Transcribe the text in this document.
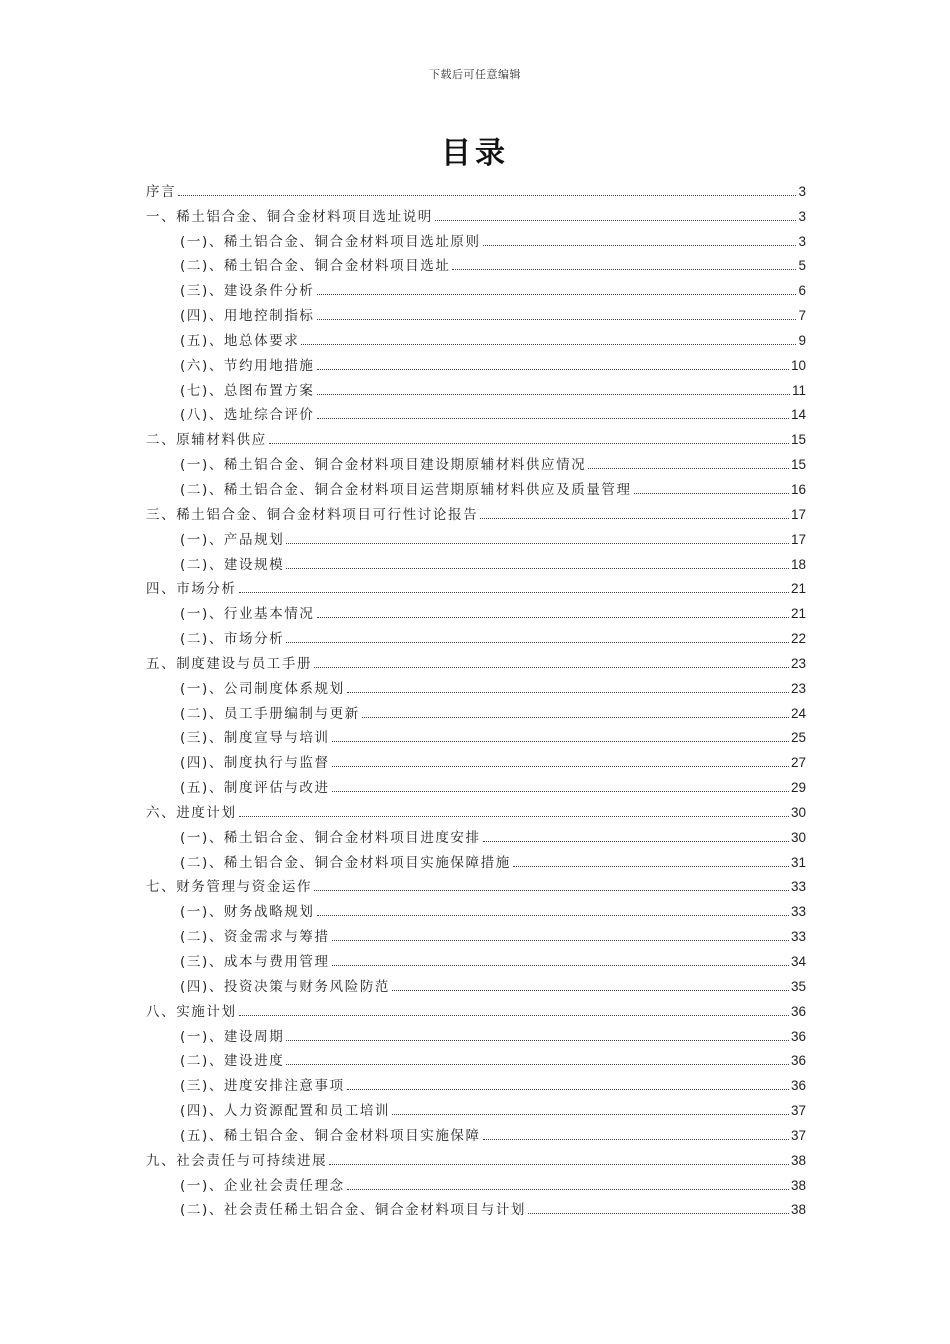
下载后可任意编辑
目录
序言	3
一、稀土铝合金、铜合金材料项目选址说明	3
(一)、稀土铝合金、铜合金材料项目选址原则	3
(二)、稀土铝合金、铜合金材料项目选址	5
(三)、建设条件分析	6
(四)、用地控制指标	7
(五)、地总体要求	9
(六)、节约用地措施	10
(七)、总图布置方案	11
(八)、选址综合评价	14
二、原辅材料供应	15
(一)、稀土铝合金、铜合金材料项目建设期原辅材料供应情况	15
(二)、稀土铝合金、铜合金材料项目运营期原辅材料供应及质量管理	16
三、稀土铝合金、铜合金材料项目可行性讨论报告	17
(一)、产品规划	17
(二)、建设规模	18
四、市场分析	21
(一)、行业基本情况	21
(二)、市场分析	22
五、制度建设与员工手册	23
(一)、公司制度体系规划	23
(二)、员工手册编制与更新	24
(三)、制度宣导与培训	25
(四)、制度执行与监督	27
(五)、制度评估与改进	29
六、进度计划	30
(一)、稀土铝合金、铜合金材料项目进度安排	30
(二)、稀土铝合金、铜合金材料项目实施保障措施	31
七、财务管理与资金运作	33
(一)、财务战略规划	33
(二)、资金需求与筹措	33
(三)、成本与费用管理	34
(四)、投资决策与财务风险防范	35
八、实施计划	36
(一)、建设周期	36
(二)、建设进度	36
(三)、进度安排注意事项	36
(四)、人力资源配置和员工培训	37
(五)、稀土铝合金、铜合金材料项目实施保障	37
九、社会责任与可持续进展	38
(一)、企业社会责任理念	38
(二)、社会责任稀土铝合金、铜合金材料项目与计划	38
